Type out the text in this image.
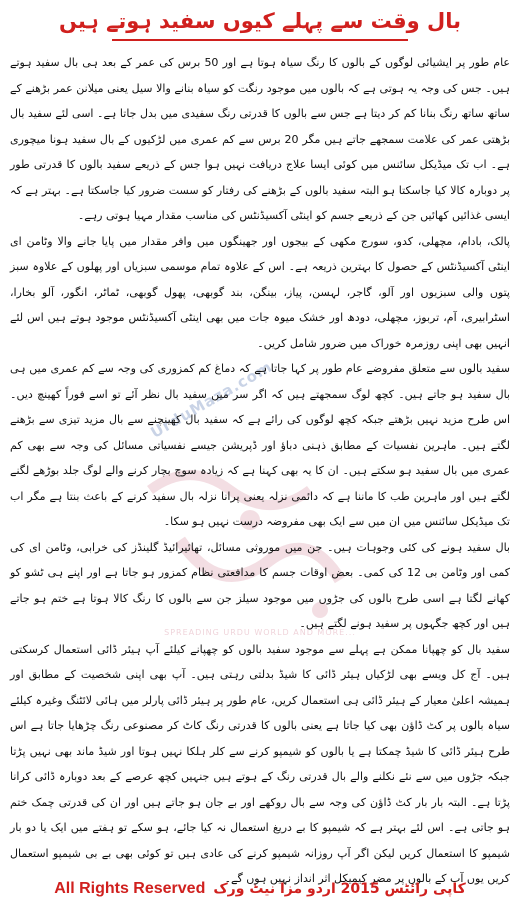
بال وقت سے پہلے کیوں سفید ہوتے ہیں
UrduMaza.com
SPREADING URDU WORLD AND MORE...

عام طور پر ایشیائی لوگوں کے بالوں کا رنگ سیاہ ہوتا ہے اور 50 برس کی عمر کے بعد ہی بال سفید ہوتے ہیں۔ جس کی وجہ یہ ہوتی ہے کہ بالوں میں موجود رنگت کو سیاہ بنانے والا سیل یعنی میلانن عمر بڑھنے کے ساتھ ساتھ رنگ بنانا کم کر دیتا ہے جس سے بالوں کا قدرتی رنگ سفیدی میں بدل جاتا ہے۔ اسی لئے سفید بال بڑھتی عمر کی علامت سمجھے جاتے ہیں مگر 20 برس سے کم عمری میں لڑکیوں کے بال سفید ہونا میچوری ہے۔ اب تک میڈیکل سائنس میں کوئی ایسا علاج دریافت نہیں ہوا جس کے ذریعے سفید بالوں کا قدرتی طور پر دوبارہ کالا کیا جاسکتا ہو البتہ سفید بالوں کے بڑھنے کی رفتار کو سست ضرور کیا جاسکتا ہے۔ بہتر ہے کہ ایسی غذائیں کھائیں جن کے ذریعے جسم کو اینٹی آکسیڈنٹس کی مناسب مقدار مہیا ہوتی رہے۔

پالک، بادام، مچھلی، کدو، سورج مکھی کے بیجوں اور جھینگوں میں وافر مقدار میں پایا جانے والا وٹامن ای اینٹی آکسیڈنٹس کے حصول کا بہترین ذریعہ ہے۔ اس کے علاوہ تمام موسمی سبزیاں اور پھلوں کے علاوہ سبز پتوں والی سبزیوں اور آلو، گاجر، لہسن، پیاز، بینگن، بند گوبھی، پھول گوبھی، ٹماٹر، انگور، آلو بخارا، اسٹرابیری، آم، تربوز، مچھلی، دودھ اور خشک میوہ جات میں بھی اینٹی آکسیڈنٹس موجود ہوتے ہیں اس لئے انہیں بھی اپنی روزمرہ خوراک میں ضرور شامل کریں۔

سفید بالوں سے متعلق مفروضے عام طور پر کہا جاتا ہے کہ دماغ کم کمزوری کی وجہ سے کم عمری میں ہی بال سفید ہو جاتے ہیں۔ کچھ لوگ سمجھتے ہیں کہ اگر سر میں سفید بال نظر آئے تو اسے فوراً کھینچ دیں۔ اس طرح مزید نہیں بڑھتے جبکہ کچھ لوگوں کی رائے ہے کہ سفید بال کھینچنے سے بال مزید تیزی سے بڑھنے لگتے ہیں۔ ماہرین نفسیات کے مطابق ذہنی دباؤ اور ڈپریشن جیسے نفسیاتی مسائل کی وجہ سے بھی کم عمری میں بال سفید ہو سکتے ہیں۔ ان کا یہ بھی کہنا ہے کہ زیادہ سوچ بچار کرنے والے لوگ جلد بوڑھے لگنے لگتے ہیں اور ماہرین طب کا ماننا ہے کہ دائمی نزلہ یعنی پرانا نزلہ بال سفید کرنے کے باعث بنتا ہے مگر اب تک میڈیکل سائنس میں ان میں سے ایک بھی مفروضہ درست نہیں ہو سکا۔

بال سفید ہونے کی کئی وجوہات ہیں۔ جن میں موروثی مسائل، تھائیرائیڈ گلینڈز کی خرابی، وٹامن ای کی کمی اور وٹامن بی 12 کی کمی۔ بعض اوقات جسم کا مدافعتی نظام کمزور ہو جاتا ہے اور اپنے ہی ٹشو کو کھانے لگتا ہے اسی طرح بالوں کی جڑوں میں موجود سیلز جن سے بالوں کا رنگ کالا ہوتا ہے ختم ہو جاتے ہیں اور کچھ جگہوں پر سفید ہونے لگتے ہیں۔

سفید بال کو چھپانا ممکن ہے پہلے سے موجود سفید بالوں کو چھپانے کیلئے آپ ہیئر ڈائی استعمال کرسکتی ہیں۔ آج کل ویسے بھی لڑکیاں ہیئر ڈائی کا شیڈ بدلتی رہتی ہیں۔ آپ بھی اپنی شخصیت کے مطابق اور ہمیشہ اعلیٰ معیار کے ہیئر ڈائی ہی استعمال کریں، عام طور پر ہیئر ڈائی پارلر میں ہائی لائٹنگ وغیرہ کیلئے سیاہ بالوں پر کٹ ڈاؤن بھی کیا جاتا ہے یعنی بالوں کا قدرتی رنگ کاٹ کر مصنوعی رنگ چڑھایا جاتا ہے اس طرح ہیئر ڈائی کا شیڈ چمکتا ہے یا بالوں کو شیمپو کرنے سے کلر ہلکا نہیں ہوتا اور شیڈ ماند بھی نہیں پڑتا جبکہ جڑوں میں سے نئے نکلنے والے بال قدرتی رنگ کے ہوتے ہیں جنہیں کچھ عرصے کے بعد دوبارہ ڈائی کرانا پڑتا ہے۔ البتہ بار بار کٹ ڈاؤن کی وجہ سے بال روکھے اور بے جان ہو جاتے ہیں اور ان کی قدرتی چمک ختم ہو جاتی ہے۔ اس لئے بہتر ہے کہ شیمپو کا بے دریغ استعمال نہ کیا جائے، ہو سکے تو ہفتے میں ایک یا دو بار شیمپو کا استعمال کریں لیکن اگر آپ روزانہ شیمپو کرنے کی عادی ہیں تو کوئی بھی بے بی شیمپو استعمال کریں یوں آپ کے بالوں پر مضر کیمیکل اثر انداز نہیں ہوں گے۔

All Rights Reserved کاپی رائٹس 2015 اردو مزا نیٹ ورک
